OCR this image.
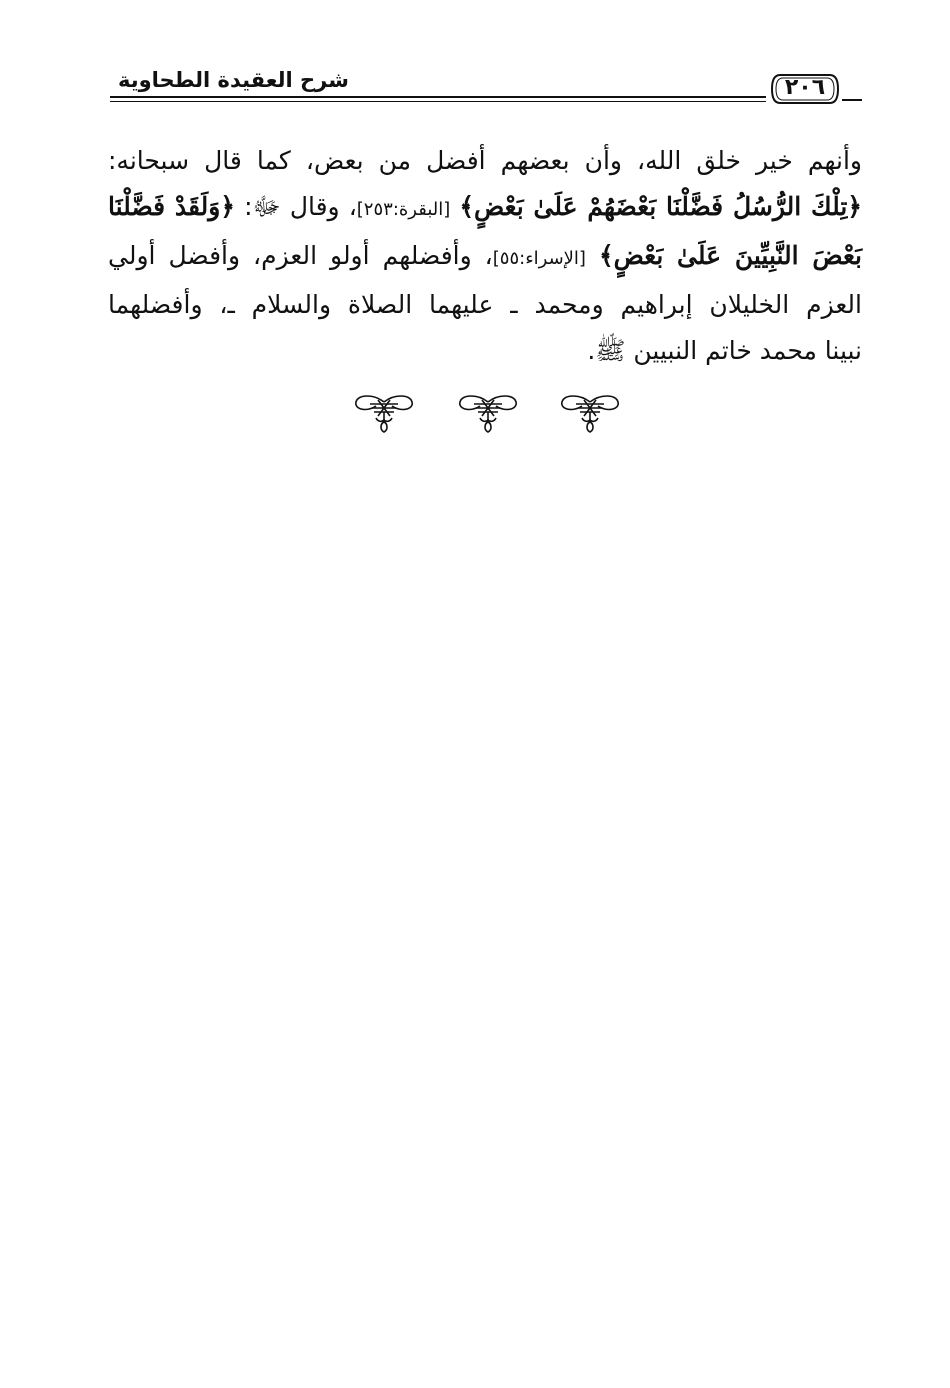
شرح العقيدة الطحاوية	٢٠٦
وأنهم خير خلق الله، وأن بعضهم أفضل من بعض، كما قال سبحانه:
﴿تِلْكَ الرُّسُلُ فَضَّلْنَا بَعْضَهُمْ عَلَىٰ بَعْضٍ﴾ [البقرة:٢٥٣]، وقال ﷻ: ﴿وَلَقَدْ فَضَّلْنَا
بَعْضَ النَّبِيِّينَ عَلَىٰ بَعْضٍ﴾ [الإسراء:٥٥]، وأفضلهم أولو العزم، وأفضل أولي
العزم الخليلان إبراهيم ومحمد ـ عليهما الصلاة والسلام ـ، وأفضلهما
نبينا محمد خاتم النبيين ﷺ.
